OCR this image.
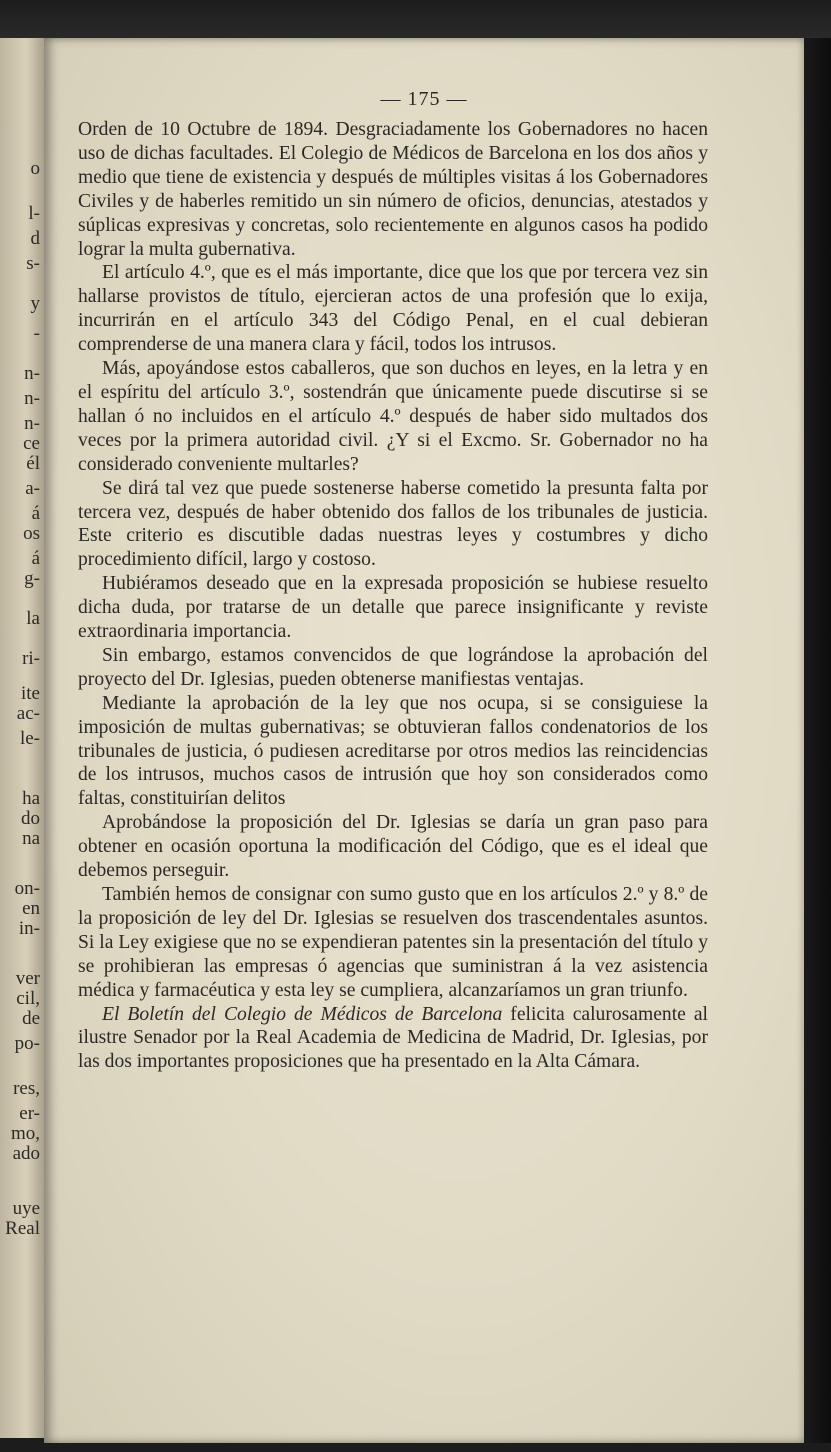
o
l-
d
s-
y
-
n-
n-
n-
ce
él
a-
á
os
á
g-
la
ri-
ite
ac-
le-
ha
do
na
on-
en
in-
ver
cil,
de
po-
res,
er-
mo,
ado
uye
Real
— 175 —

Orden de 10 Octubre de 1894. Desgraciadamente los Gobernadores no hacen uso de dichas facultades. El Colegio de Médicos de Barcelona en los dos años y medio que tiene de existencia y después de múltiples visitas á los Gobernadores Civiles y de haberles remitido un sin número de oficios, denuncias, atestados y súplicas expresivas y concretas, solo recientemente en algunos casos ha podido lograr la multa gubernativa.

El artículo 4.º, que es el más importante, dice que los que por tercera vez sin hallarse provistos de título, ejercieran actos de una profesión que lo exija, incurrirán en el artículo 343 del Código Penal, en el cual debieran comprenderse de una manera clara y fácil, todos los intrusos.

Más, apoyándose estos caballeros, que son duchos en leyes, en la letra y en el espíritu del artículo 3.º, sostendrán que únicamente puede discutirse si se hallan ó no incluidos en el artículo 4.º después de haber sido multados dos veces por la primera autoridad civil. ¿Y si el Excmo. Sr. Gobernador no ha considerado conveniente multarles?

Se dirá tal vez que puede sostenerse haberse cometido la presunta falta por tercera vez, después de haber obtenido dos fallos de los tribunales de justicia. Este criterio es discutible dadas nuestras leyes y costumbres y dicho procedimiento difícil, largo y costoso.

Hubiéramos deseado que en la expresada proposición se hubiese resuelto dicha duda, por tratarse de un detalle que parece insignificante y reviste extraordinaria importancia.

Sin embargo, estamos convencidos de que lográndose la aprobación del proyecto del Dr. Iglesias, pueden obtenerse manifiestas ventajas.

Mediante la aprobación de la ley que nos ocupa, si se consiguiese la imposición de multas gubernativas; se obtuvieran fallos condenatorios de los tribunales de justicia, ó pudiesen acreditarse por otros medios las reincidencias de los intrusos, muchos casos de intrusión que hoy son considerados como faltas, constituirían delitos

Aprobándose la proposición del Dr. Iglesias se daría un gran paso para obtener en ocasión oportuna la modificación del Código, que es el ideal que debemos perseguir.

También hemos de consignar con sumo gusto que en los artículos 2.º y 8.º de la proposición de ley del Dr. Iglesias se resuelven dos trascendentales asuntos. Si la Ley exigiese que no se expendieran patentes sin la presentación del título y se prohibieran las empresas ó agencias que suministran á la vez asistencia médica y farmacéutica y esta ley se cumpliera, alcanzaríamos un gran triunfo.

El Boletín del Colegio de Médicos de Barcelona felicita calurosamente al ilustre Senador por la Real Academia de Medicina de Madrid, Dr. Iglesias, por las dos importantes proposiciones que ha presentado en la Alta Cámara.
